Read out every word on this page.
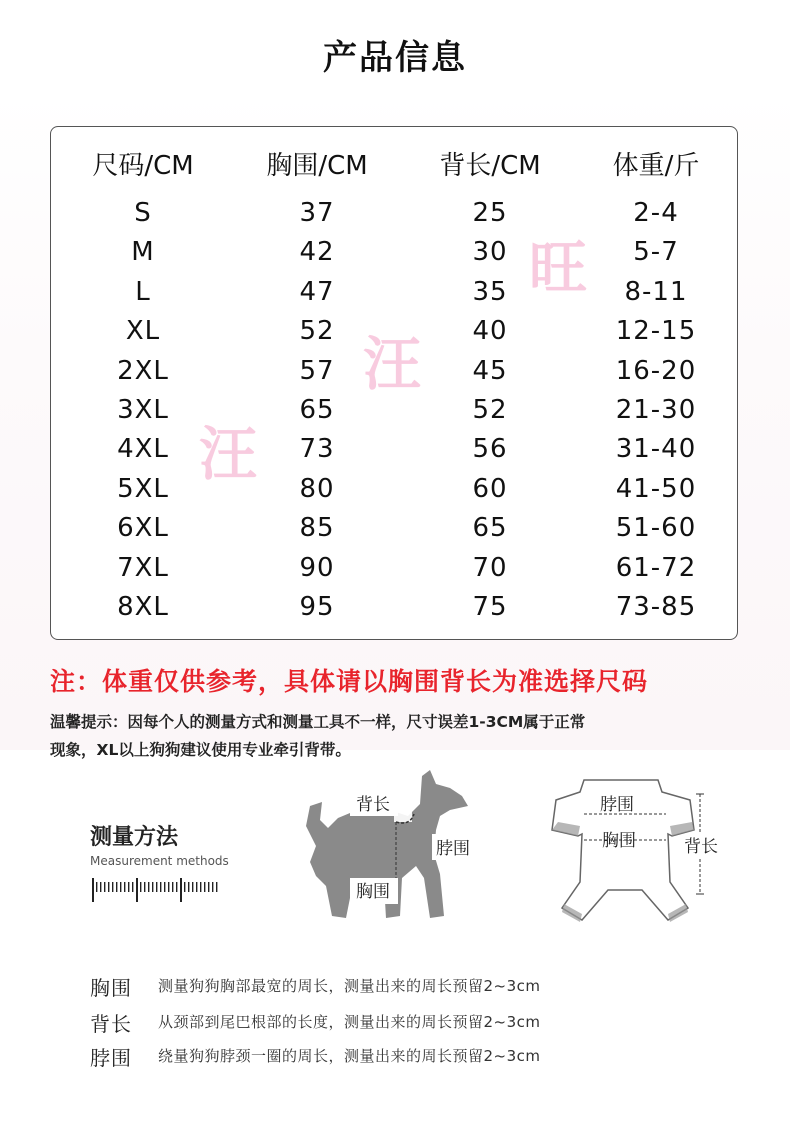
产品信息
尺码/CM	胸围/CM	背长/CM	体重/斤
旺
汪
汪
S	37	25	2-4
M	42	30	5-7
L	47	35	8-11
XL	52	40	12-15
2XL	57	45	16-20
3XL	65	52	21-30
4XL	73	56	31-40
5XL	80	60	41-50
6XL	85	65	51-60
7XL	90	70	61-72
8XL	95	75	73-85
注：体重仅供参考，具体请以胸围背长为准选择尺码
温馨提示：因每个人的测量方式和测量工具不一样，尺寸误差1-3CM属于正常
现象，XL以上狗狗建议使用专业牵引背带。
测量方法
Measurement methods
背长
脖围
胸围
脖围
胸围	背长
胸围 测量狗狗胸部最宽的周长，测量出来的周长预留2~3cm
背长 从颈部到尾巴根部的长度，测量出来的周长预留2~3cm
脖围 绕量狗狗脖颈一圈的周长，测量出来的周长预留2~3cm
